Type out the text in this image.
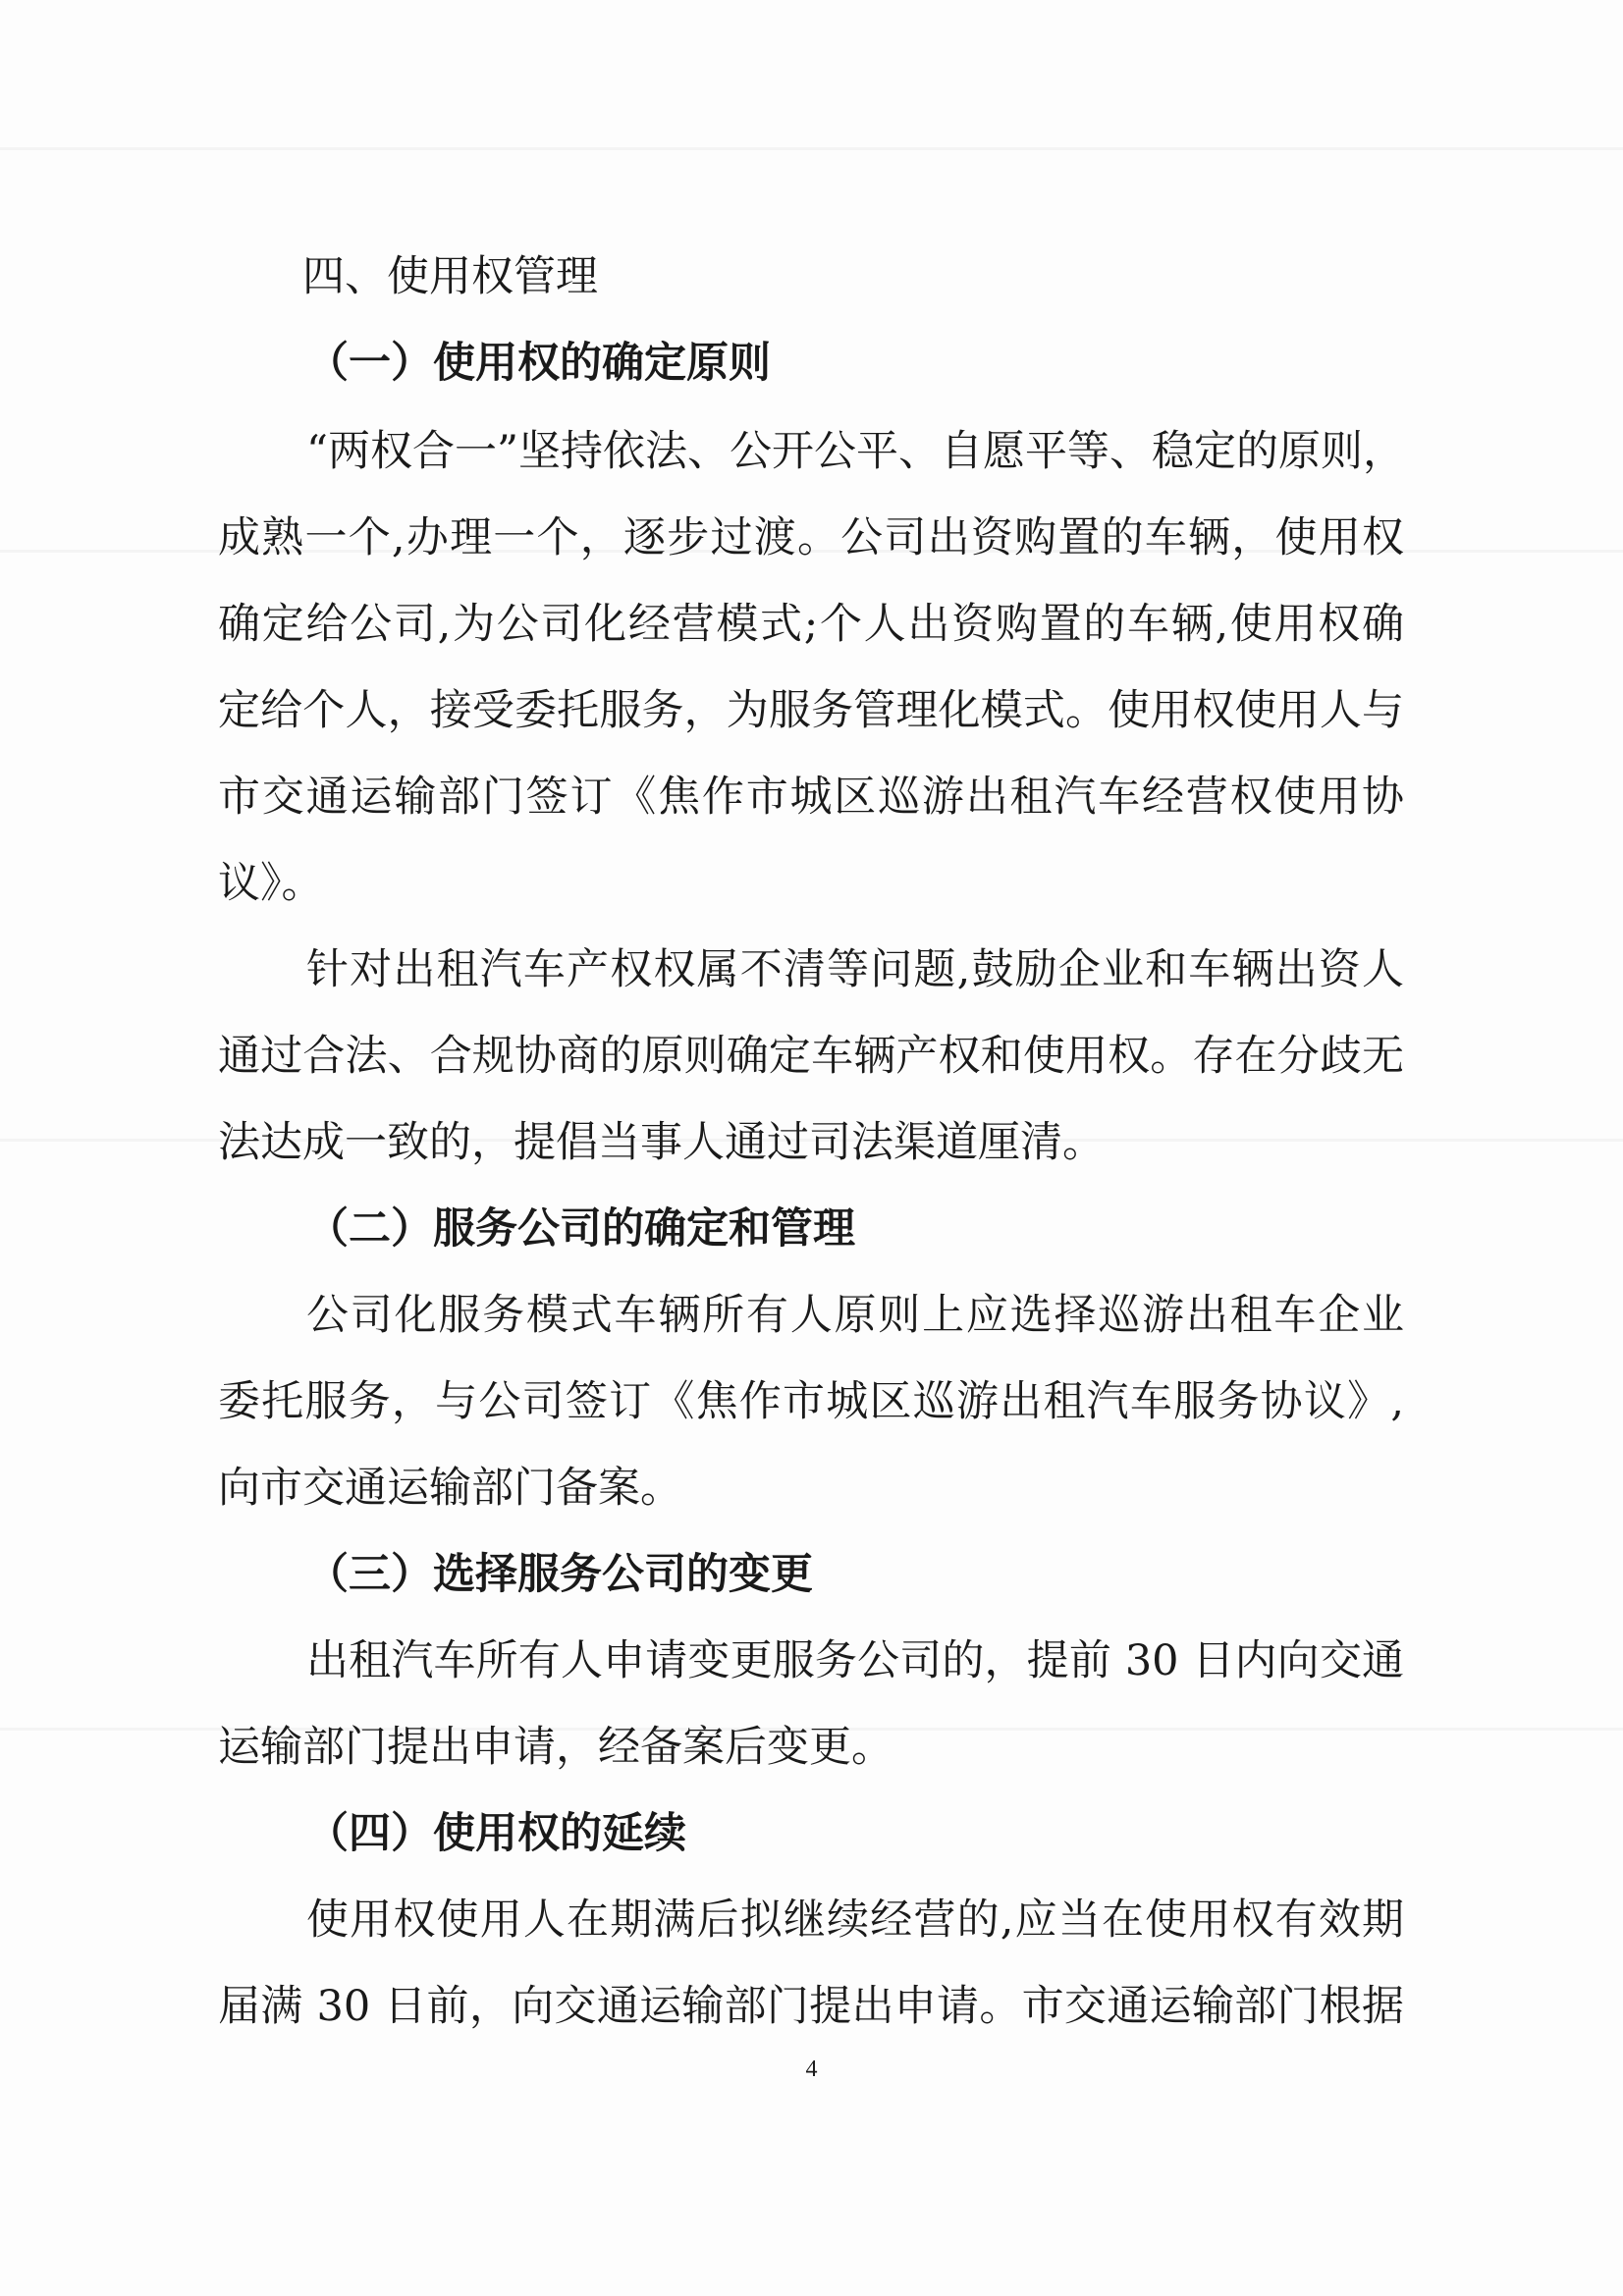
四、使用权管理
（一）使用权的确定原则
“两权合一”坚持依法、公开公平、自愿平等、稳定的原则，
成熟一个,办理一个，逐步过渡。公司出资购置的车辆，使用权
确定给公司,为公司化经营模式;个人出资购置的车辆,使用权确
定给个人，接受委托服务，为服务管理化模式。使用权使用人与
市交通运输部门签订《焦作市城区巡游出租汽车经营权使用协
议》。
针对出租汽车产权权属不清等问题,鼓励企业和车辆出资人
通过合法、合规协商的原则确定车辆产权和使用权。存在分歧无
法达成一致的，提倡当事人通过司法渠道厘清。
（二）服务公司的确定和管理
公司化服务模式车辆所有人原则上应选择巡游出租车企业
委托服务，与公司签订《焦作市城区巡游出租汽车服务协议》,
向市交通运输部门备案。
（三）选择服务公司的变更
出租汽车所有人申请变更服务公司的，提前 30 日内向交通
运输部门提出申请，经备案后变更。
（四）使用权的延续
使用权使用人在期满后拟继续经营的,应当在使用权有效期
届满 30 日前，向交通运输部门提出申请。市交通运输部门根据
4
